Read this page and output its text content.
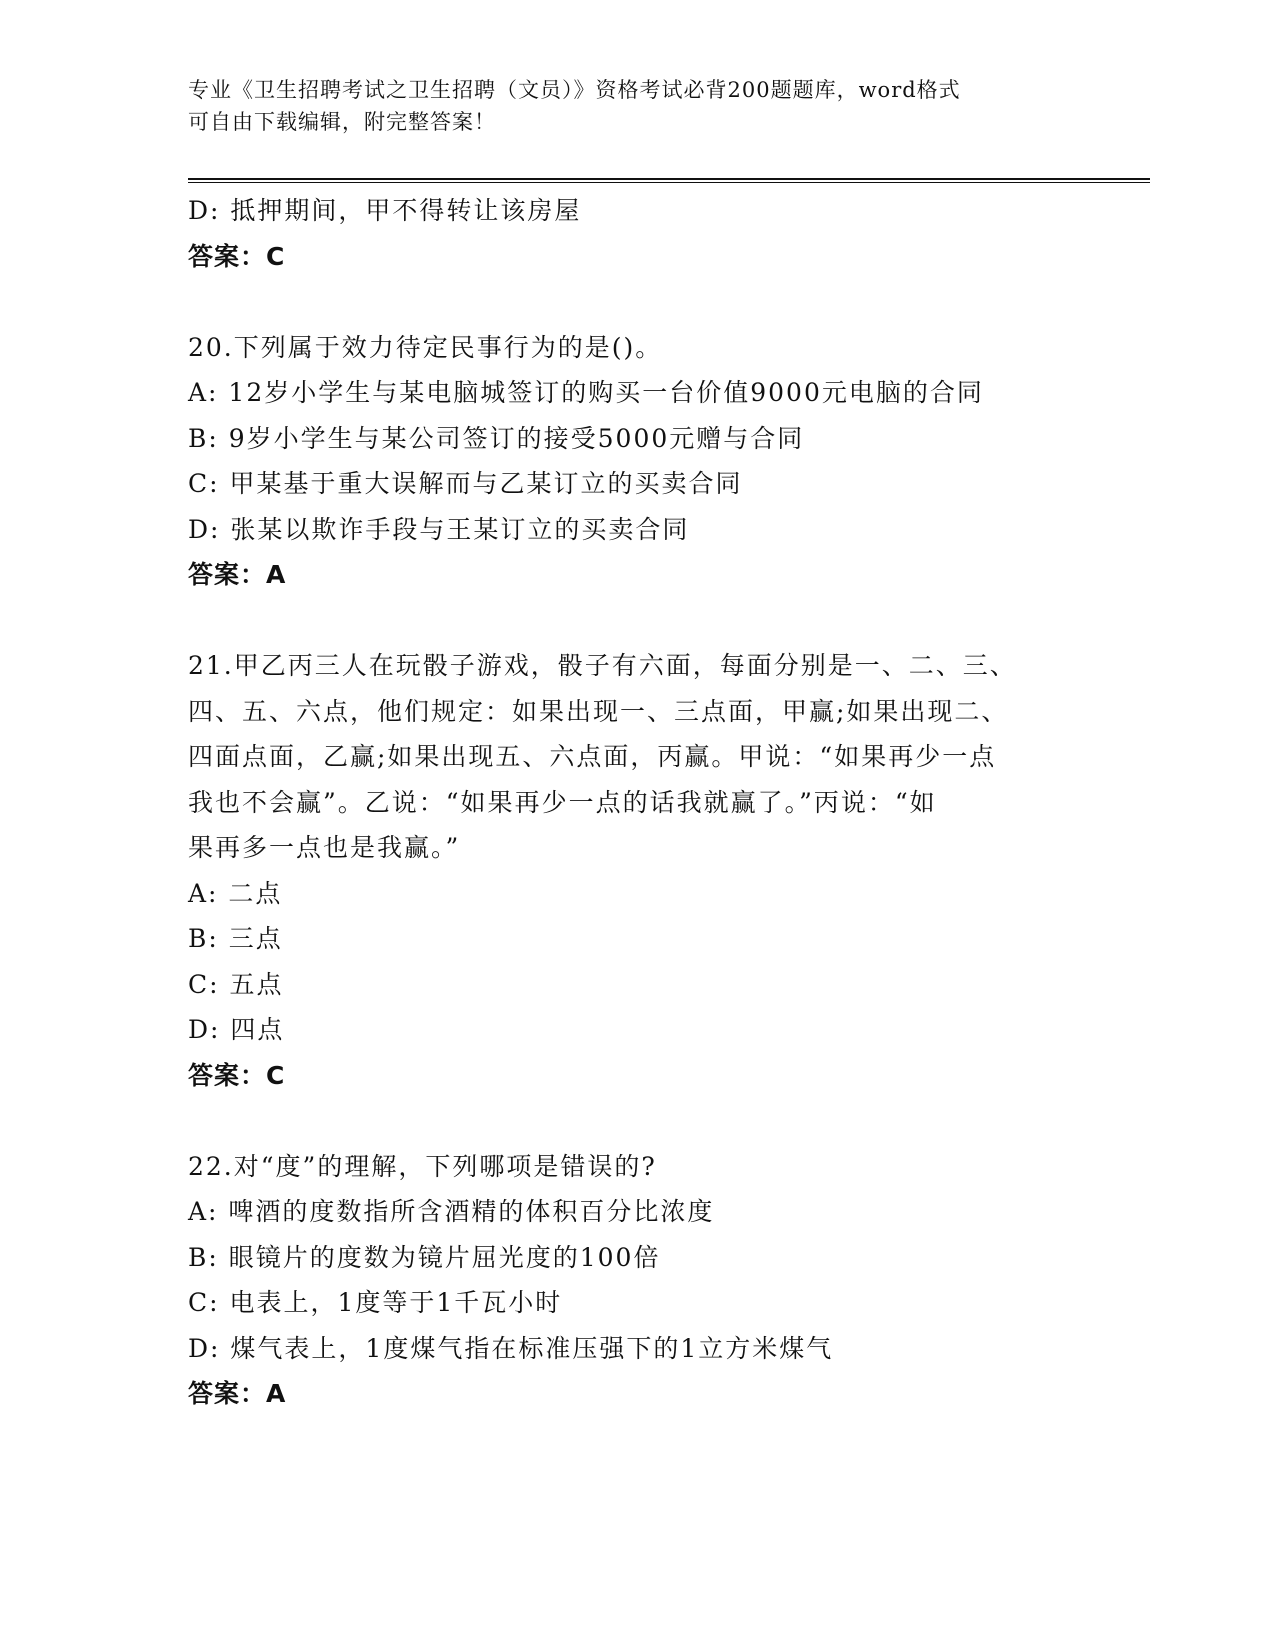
专业《卫生招聘考试之卫生招聘（文员）》资格考试必背200题题库，word格式
可自由下载编辑，附完整答案！
D: 抵押期间，甲不得转让该房屋
答案：C
20.下列属于效力待定民事行为的是()。
A: 12岁小学生与某电脑城签订的购买一台价值9000元电脑的合同
B: 9岁小学生与某公司签订的接受5000元赠与合同
C: 甲某基于重大误解而与乙某订立的买卖合同
D: 张某以欺诈手段与王某订立的买卖合同
答案：A
21.甲乙丙三人在玩骰子游戏，骰子有六面，每面分别是一、二、三、
四、五、六点，他们规定：如果出现一、三点面，甲赢;如果出现二、
四面点面，乙赢;如果出现五、六点面，丙赢。甲说：“如果再少一点
我也不会赢”。乙说：“如果再少一点的话我就赢了。”丙说：“如
果再多一点也是我赢。”
A: 二点
B: 三点
C: 五点
D: 四点
答案：C
22.对“度”的理解，下列哪项是错误的?
A: 啤酒的度数指所含酒精的体积百分比浓度
B: 眼镜片的度数为镜片屈光度的100倍
C: 电表上，1度等于1千瓦小时
D: 煤气表上，1度煤气指在标准压强下的1立方米煤气
答案：A
